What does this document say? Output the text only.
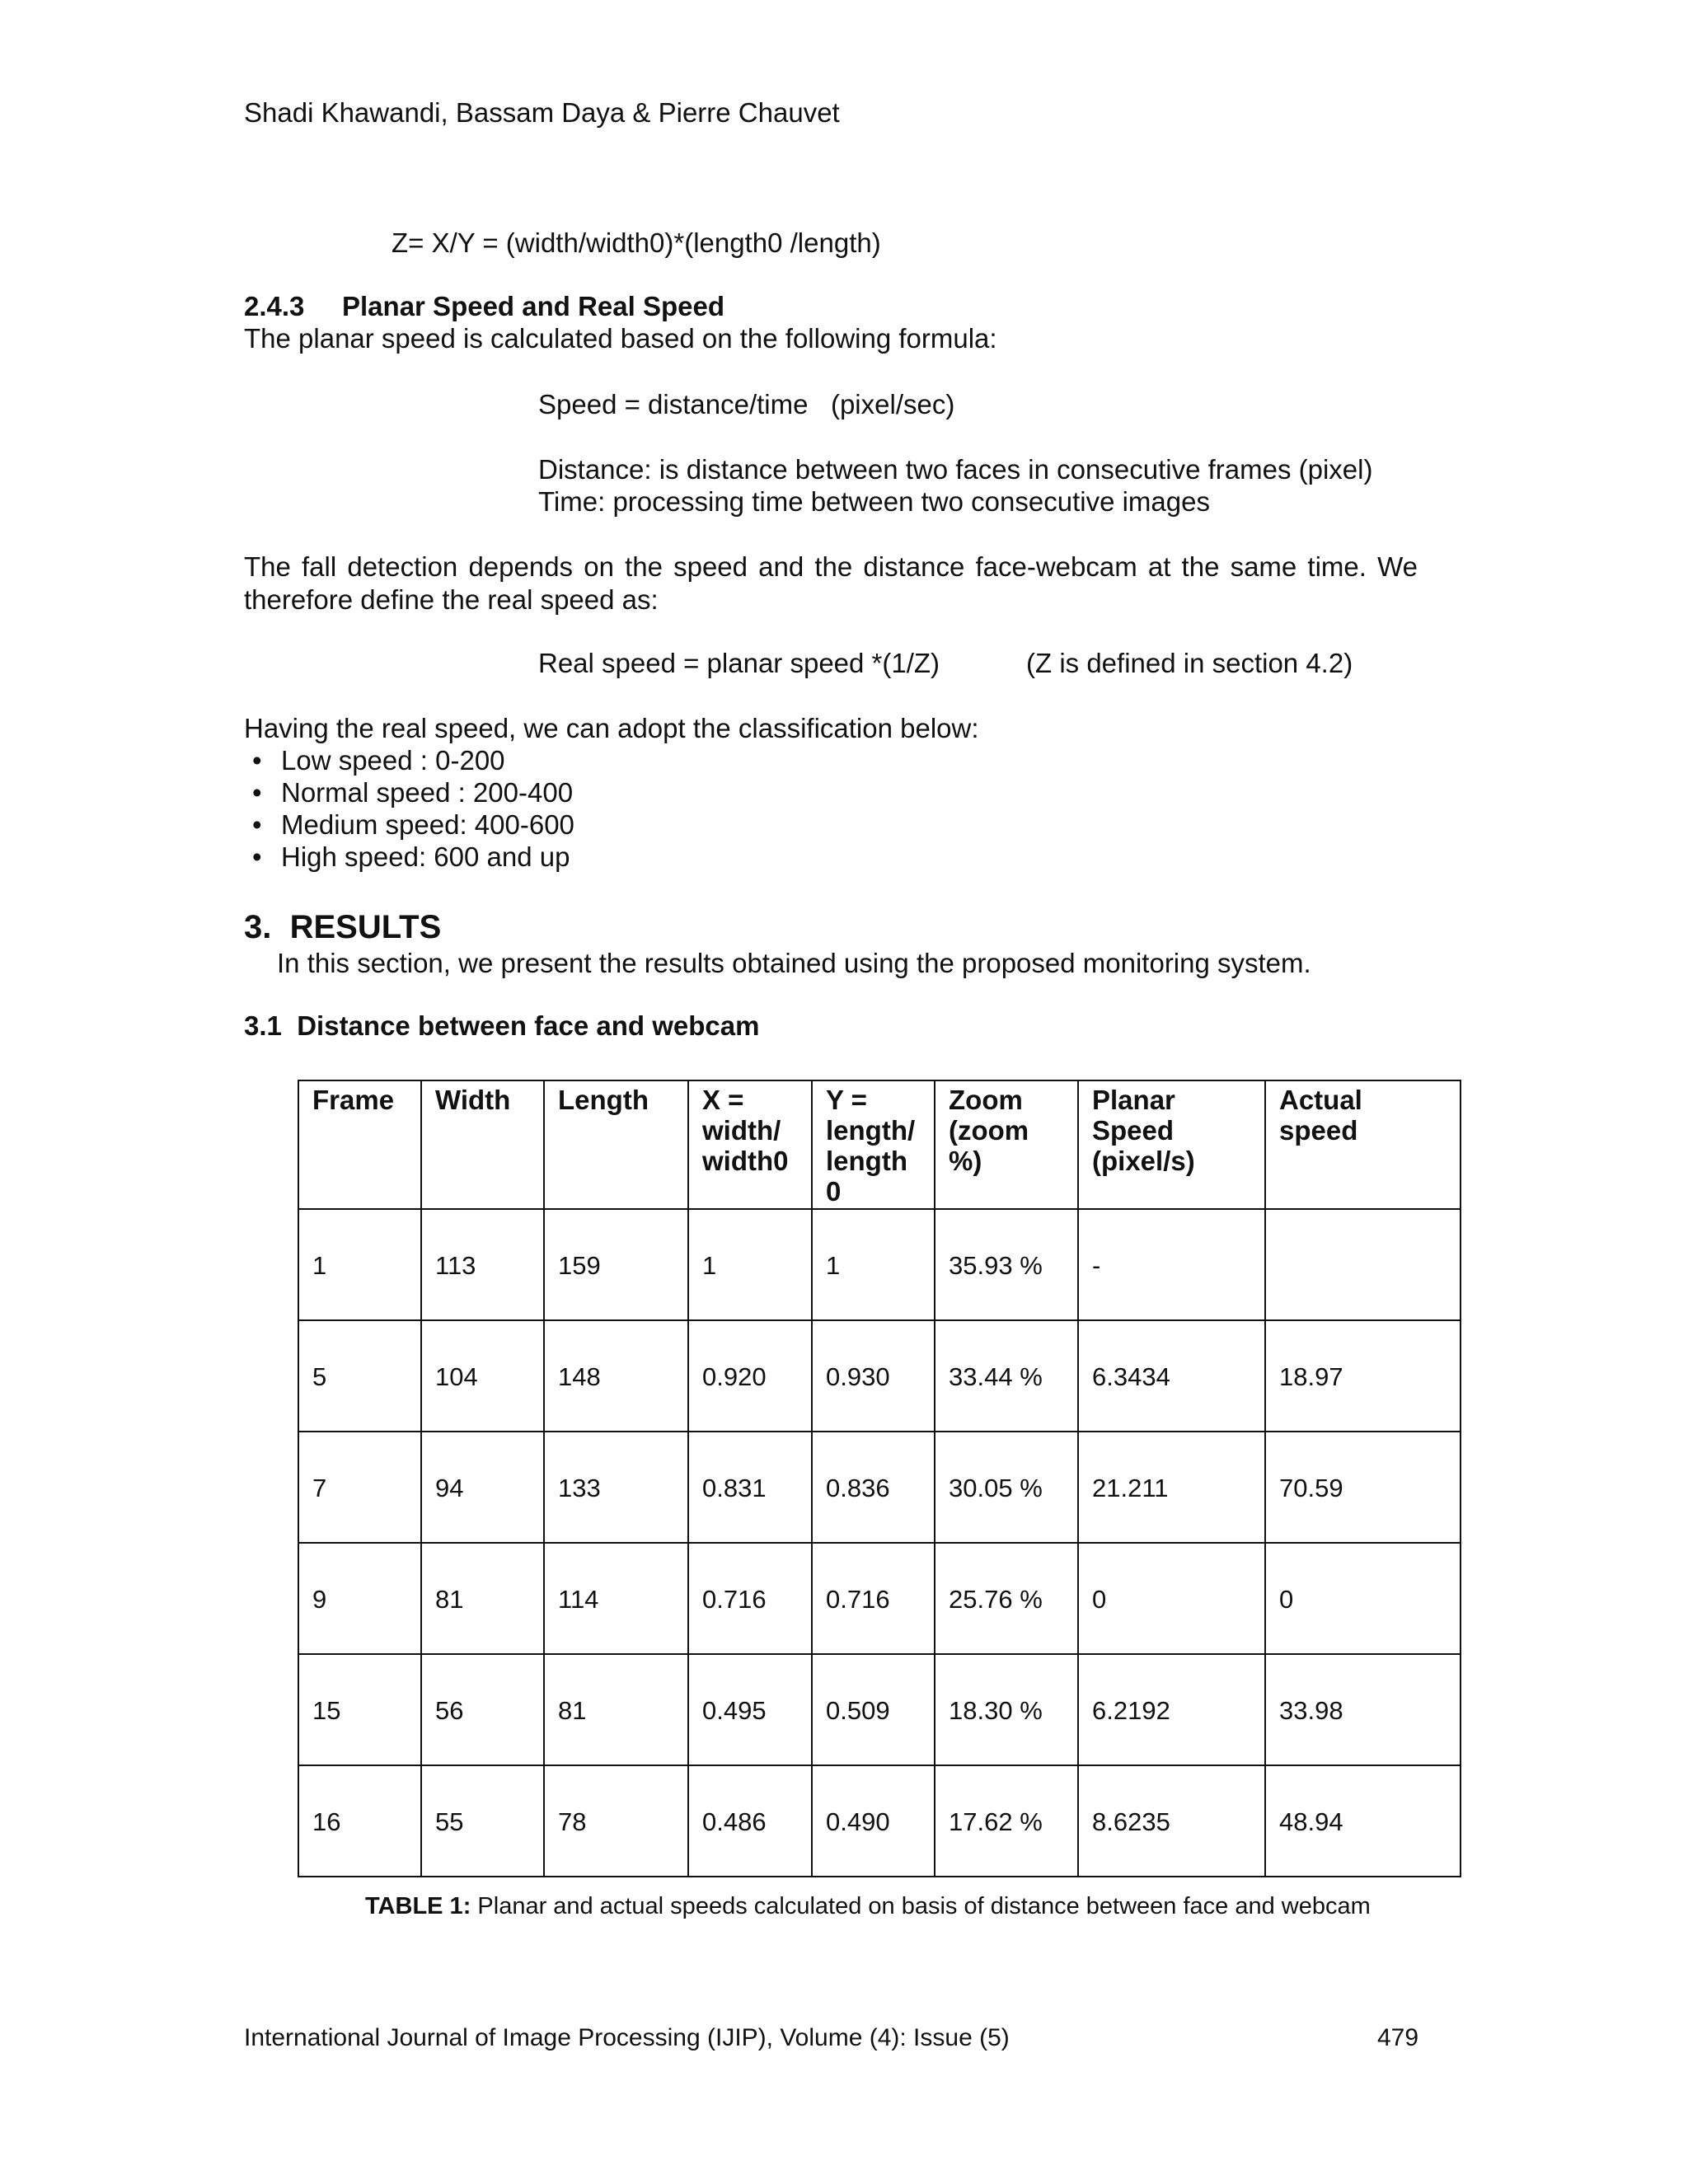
Shadi Khawandi, Bassam Daya & Pierre Chauvet
Z= X/Y = (width/width0)*(length0 /length)
2.4.3 Planar Speed and Real Speed
The planar speed is calculated based on the following formula:
Speed = distance/time   (pixel/sec)
Distance: is distance between two faces in consecutive frames (pixel)
Time: processing time between two consecutive images
The fall detection depends on the speed and the distance face-webcam at the same time. We therefore define the real speed as:
Real speed = planar speed *(1/Z)	(Z is defined in section 4.2)
Having the real speed, we can adopt the classification below:
• Low speed : 0-200
• Normal speed : 200-400
• Medium speed: 400-600
• High speed: 600 and up
3.  RESULTS
In this section, we present the results obtained using the proposed monitoring system.
3.1  Distance between face and webcam
Frame	Width	Length	X = width/ width0	Y = length/ length 0	Zoom (zoom %)	Planar Speed (pixel/s)	Actual speed
1	113	159	1	1	35.93 %	-	
5	104	148	0.920	0.930	33.44 %	6.3434	18.97
7	94	133	0.831	0.836	30.05 %	21.211	70.59
9	81	114	0.716	0.716	25.76 %	0	0
15	56	81	0.495	0.509	18.30 %	6.2192	33.98
16	55	78	0.486	0.490	17.62 %	8.6235	48.94
TABLE 1: Planar and actual speeds calculated on basis of distance between face and webcam
International Journal of Image Processing (IJIP), Volume (4): Issue (5)	479
